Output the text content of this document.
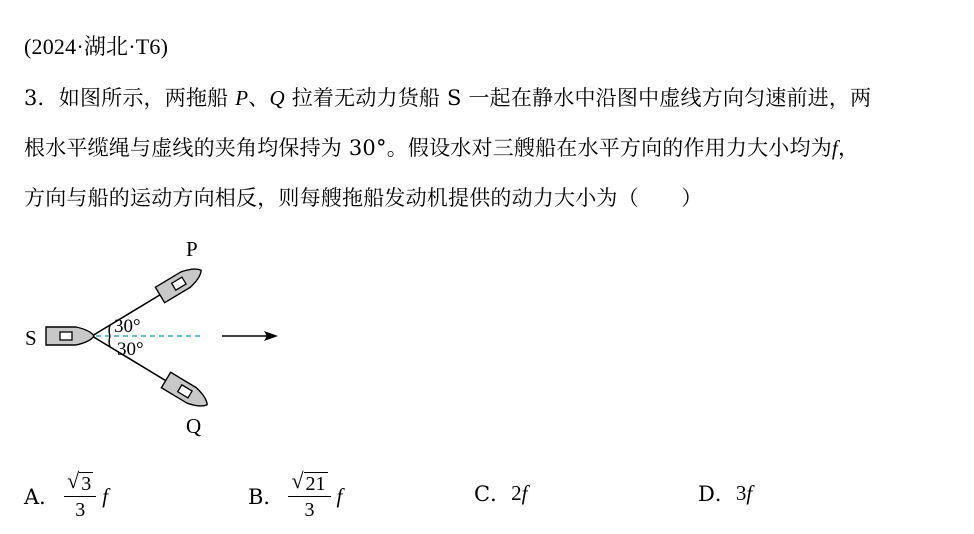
(2024·湖北·T6)
3．如图所示，两拖船 P、Q 拉着无动力货船 S 一起在静水中沿图中虚线方向匀速前进，两
根水平缆绳与虚线的夹角均保持为 30°。假设水对三艘船在水平方向的作用力大小均为f，
方向与船的运动方向相反，则每艘拖船发动机提供的动力大小为（　　）
P
Q
S	30°
30°
A． $\frac{√ 3}{3}$ f	B． $\frac{√ 21}{3}$ f	C． 2 f	D． 3 f
